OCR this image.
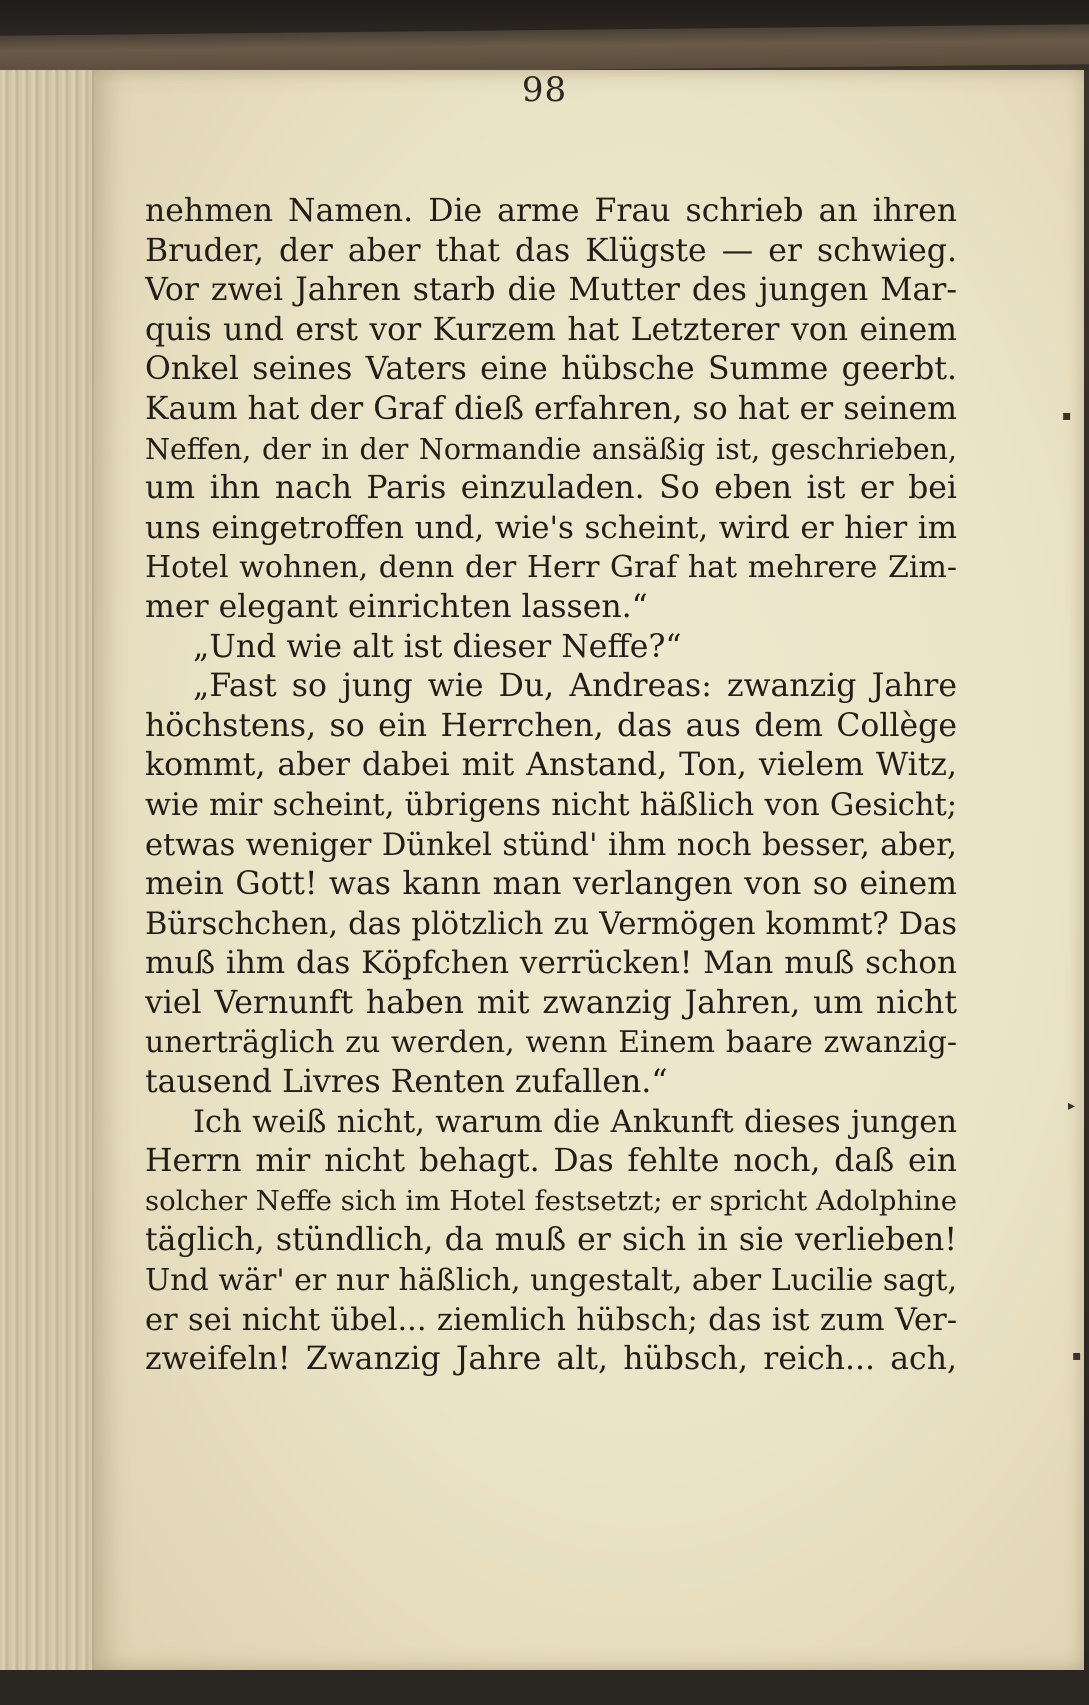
98
nehmen Namen. Die arme Frau schrieb an ihren
Bruder, der aber that das Klügste — er schwieg.
Vor zwei Jahren starb die Mutter des jungen Mar-
quis und erst vor Kurzem hat Letzterer von einem
Onkel seines Vaters eine hübsche Summe geerbt.
Kaum hat der Graf dieß erfahren, so hat er seinem
Neffen, der in der Normandie ansäßig ist, geschrieben,
um ihn nach Paris einzuladen. So eben ist er bei
uns eingetroffen und, wie's scheint, wird er hier im
Hotel wohnen, denn der Herr Graf hat mehrere Zim-
mer elegant einrichten lassen.“
„Und wie alt ist dieser Neffe?“
„Fast so jung wie Du, Andreas: zwanzig Jahre
höchstens, so ein Herrchen, das aus dem Collège
kommt, aber dabei mit Anstand, Ton, vielem Witz,
wie mir scheint, übrigens nicht häßlich von Gesicht;
etwas weniger Dünkel stünd' ihm noch besser, aber,
mein Gott! was kann man verlangen von so einem
Bürschchen, das plötzlich zu Vermögen kommt? Das
muß ihm das Köpfchen verrücken! Man muß schon
viel Vernunft haben mit zwanzig Jahren, um nicht
unerträglich zu werden, wenn Einem baare zwanzig-
tausend Livres Renten zufallen.“
Ich weiß nicht, warum die Ankunft dieses jungen
Herrn mir nicht behagt. Das fehlte noch, daß ein
solcher Neffe sich im Hotel festsetzt; er spricht Adolphine
täglich, stündlich, da muß er sich in sie verlieben!
Und wär' er nur häßlich, ungestalt, aber Lucilie sagt,
er sei nicht übel... ziemlich hübsch; das ist zum Ver-
zweifeln! Zwanzig Jahre alt, hübsch, reich... ach,
▪
▸
▪
